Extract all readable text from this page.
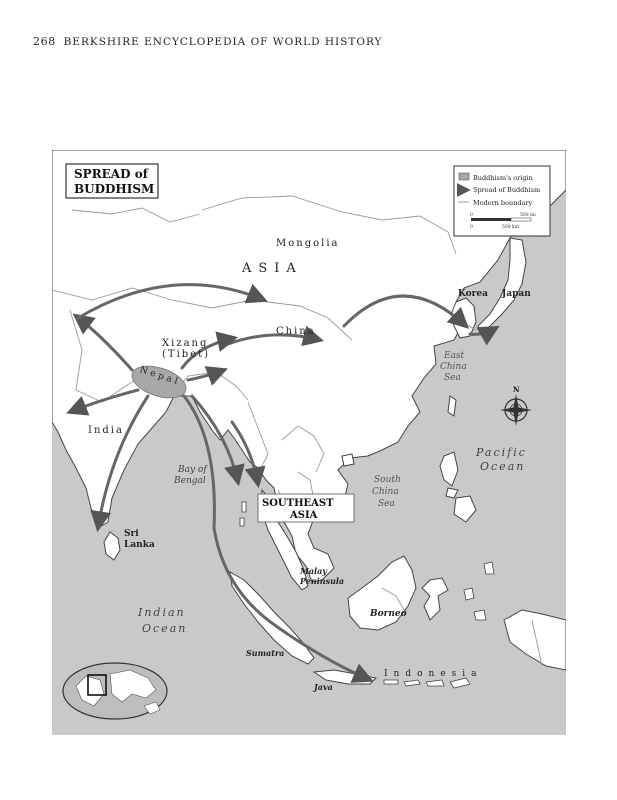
268 BERKSHIRE ENCYCLOPEDIA OF WORLD HISTORY
SPREAD of
BUDDHISM
Buddhism's origin
Spread of Buddhism
Modern boundary
0	500 mi
0	500 km
N
Mongolia
ASIA
Korea Japan
China
Xizang
(Tibet)
Nepal
India
East
China
Sea
Pacific
Ocean
Bay of
Bengal
SOUTHEAST
ASIA
South
China
Sea
Sri
Lanka
Malay
Peninsula
Borneo
Indian
Ocean
Sumatra
Java
Indonesia
